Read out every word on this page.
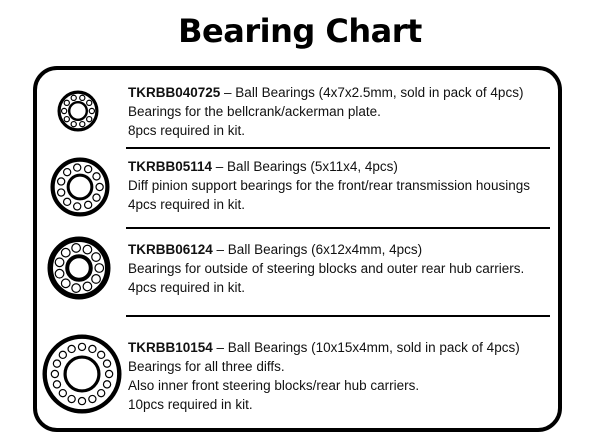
Bearing Chart
TKRBB040725 – Ball Bearings (4x7x2.5mm, sold in pack of 4pcs)
Bearings for the bellcrank/ackerman plate.
8pcs required in kit.
TKRBB05114 – Ball Bearings (5x11x4, 4pcs)
Diff pinion support bearings for the front/rear transmission housings
4pcs required in kit.
TKRBB06124 – Ball Bearings (6x12x4mm, 4pcs)
Bearings for outside of steering blocks and outer rear hub carriers.
4pcs required in kit.
TKRBB10154 – Ball Bearings (10x15x4mm, sold in pack of 4pcs)
Bearings for all three diffs.
Also inner front steering blocks/rear hub carriers.
10pcs required in kit.
